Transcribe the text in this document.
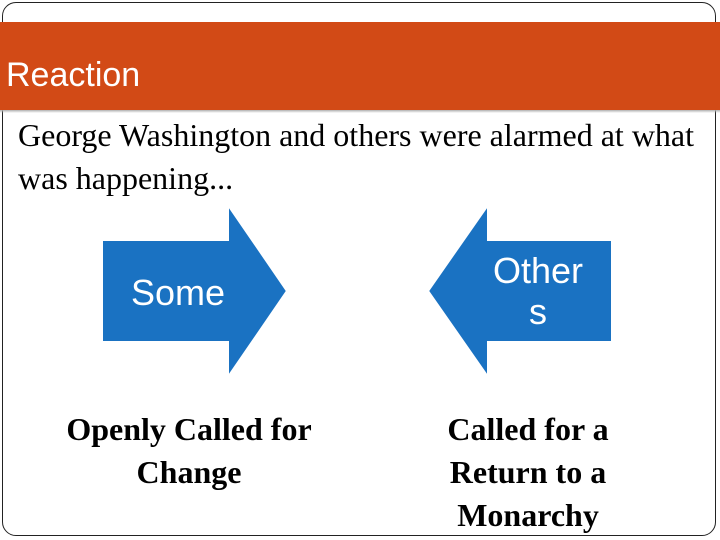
Reaction
George Washington and others were alarmed at what was happening...
Some
Other
s
Openly Called for Change
Called for a Return to a Monarchy
